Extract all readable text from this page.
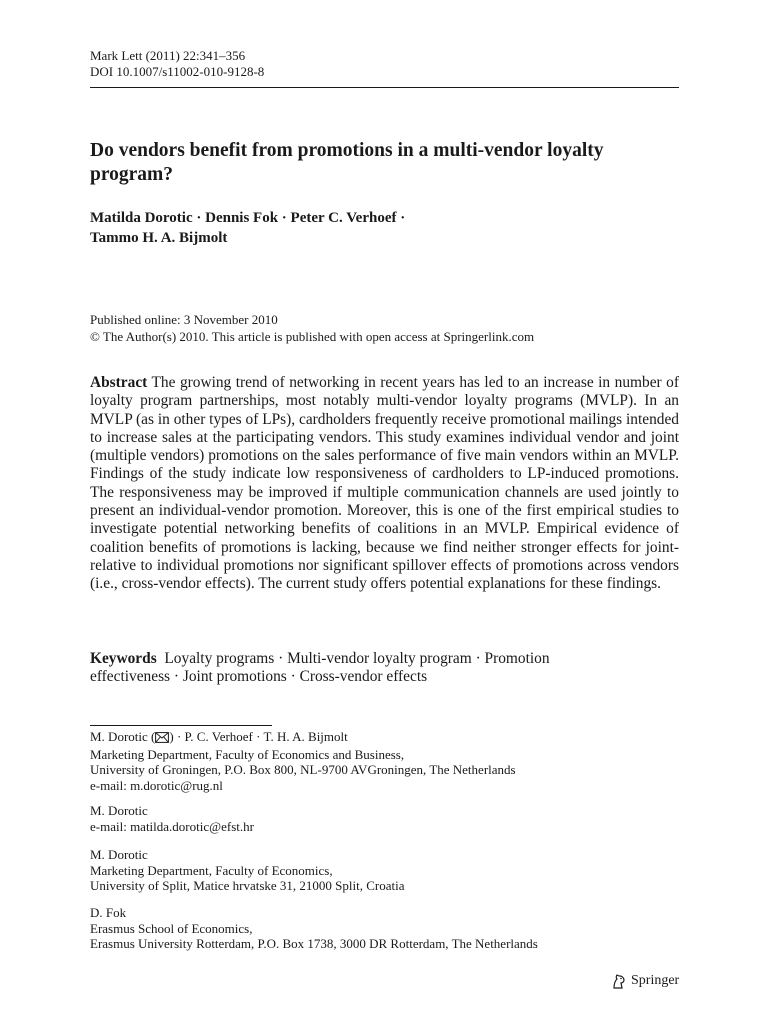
Mark Lett (2011) 22:341–356
DOI 10.1007/s11002-010-9128-8
Do vendors benefit from promotions in a multi-vendor loyalty program?
Matilda Dorotic · Dennis Fok · Peter C. Verhoef ·
Tammo H. A. Bijmolt
Published online: 3 November 2010
© The Author(s) 2010. This article is published with open access at Springerlink.com
Abstract The growing trend of networking in recent years has led to an increase in number of loyalty program partnerships, most notably multi-vendor loyalty programs (MVLP). In an MVLP (as in other types of LPs), cardholders frequently receive promotional mailings intended to increase sales at the participating vendors. This study examines individual vendor and joint (multiple vendors) promotions on the sales performance of five main vendors within an MVLP. Findings of the study indicate low responsiveness of cardholders to LP-induced promotions. The responsiveness may be improved if multiple communication channels are used jointly to present an individual-vendor promotion. Moreover, this is one of the first empirical studies to investigate potential networking benefits of coalitions in an MVLP. Empirical evidence of coalition benefits of promotions is lacking, because we find neither stronger effects for joint-relative to individual promotions nor significant spillover effects of promotions across vendors (i.e., cross-vendor effects). The current study offers potential explanations for these findings.
Keywords Loyalty programs · Multi-vendor loyalty program · Promotion
effectiveness · Joint promotions · Cross-vendor effects
M. Dorotic ( ) · P. C. Verhoef · T. H. A. Bijmolt
Marketing Department, Faculty of Economics and Business,
University of Groningen, P.O. Box 800, NL-9700 AVGroningen, The Netherlands
e-mail: m.dorotic@rug.nl
M. Dorotic
e-mail: matilda.dorotic@efst.hr
M. Dorotic
Marketing Department, Faculty of Economics,
University of Split, Matice hrvatske 31, 21000 Split, Croatia
D. Fok
Erasmus School of Economics,
Erasmus University Rotterdam, P.O. Box 1738, 3000 DR Rotterdam, The Netherlands
Springer
